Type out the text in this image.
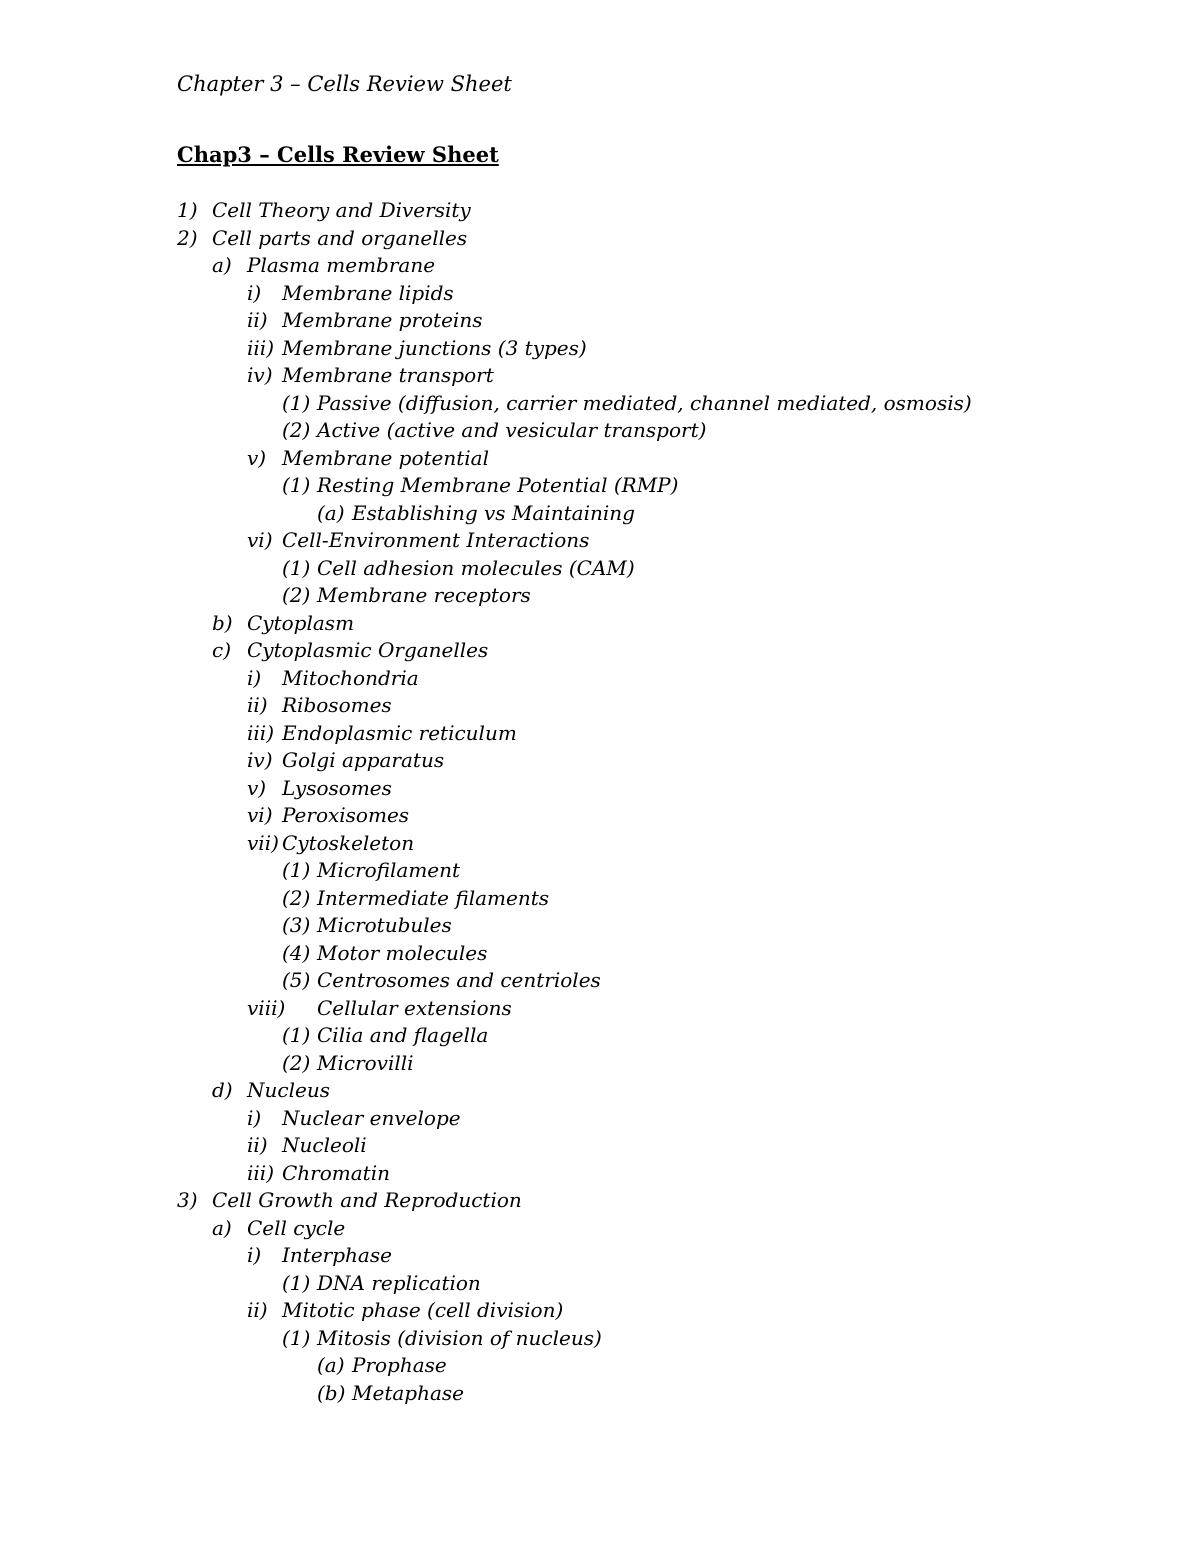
Chapter 3 – Cells Review Sheet
Chap3 – Cells Review Sheet
1) Cell Theory and Diversity
2) Cell parts and organelles
a) Plasma membrane
i) Membrane lipids
ii) Membrane proteins
iii) Membrane junctions (3 types)
iv) Membrane transport
(1) Passive (diffusion, carrier mediated, channel mediated, osmosis)
(2) Active (active and vesicular transport)
v) Membrane potential
(1) Resting Membrane Potential (RMP)
(a) Establishing vs Maintaining
vi) Cell-Environment Interactions
(1) Cell adhesion molecules (CAM)
(2) Membrane receptors
b) Cytoplasm
c) Cytoplasmic Organelles
i) Mitochondria
ii) Ribosomes
iii) Endoplasmic reticulum
iv) Golgi apparatus
v) Lysosomes
vi) Peroxisomes
vii) Cytoskeleton
(1) Microfilament
(2) Intermediate filaments
(3) Microtubules
(4) Motor molecules
(5) Centrosomes and centrioles
viii) Cellular extensions
(1) Cilia and flagella
(2) Microvilli
d) Nucleus
i) Nuclear envelope
ii) Nucleoli
iii) Chromatin
3) Cell Growth and Reproduction
a) Cell cycle
i) Interphase
(1) DNA replication
ii) Mitotic phase (cell division)
(1) Mitosis (division of nucleus)
(a) Prophase
(b) Metaphase
